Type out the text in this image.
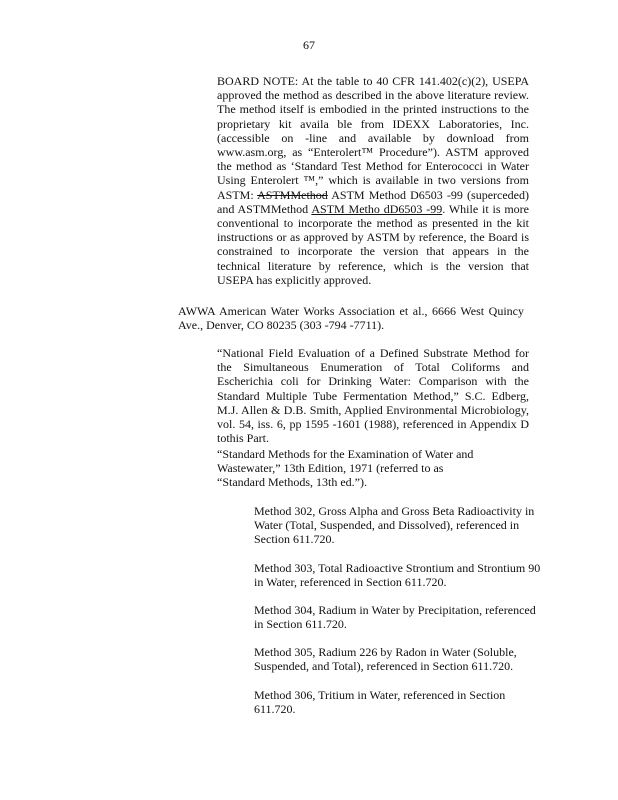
67
BOARD NOTE: At the table to 40 CFR 141.402(c)(2), USEPA approved the method as described in the above literature review. The method itself is embodied in the printed instructions to the proprietary kit availa ble from IDEXX Laboratories, Inc. (accessible on -line and available by download from www.asm.org, as “Enterolert™ Procedure”). ASTM approved the method as ‘Standard Test Method for Enterococci in Water Using Enterolert ™,” which is available in two versions from ASTM: ASTMMethod ASTM Method D6503 -99 (superceded) and ASTMMethod ASTM Metho dD6503 -99. While it is more conventional to incorporate the method as presented in the kit instructions or as approved by ASTM by reference, the Board is constrained to incorporate the version that appears in the technical literature by reference, which is the version that USEPA has explicitly approved.
AWWA American Water Works Association et al., 6666 West Quincy Ave., Denver, CO 80235 (303 -794 -7711).
“National Field Evaluation of a Defined Substrate Method for the Simultaneous Enumeration of Total Coliforms and Escherichia coli for Drinking Water: Comparison with the Standard Multiple Tube Fermentation Method,” S.C. Edberg, M.J. Allen & D.B. Smith, Applied Environmental Microbiology, vol. 54, iss. 6, pp 1595 -1601 (1988), referenced in Appendix D tothis Part.
“Standard Methods for the Examination of Water and Wastewater,” 13th Edition, 1971 (referred to as “Standard Methods, 13th ed.”).
Method 302, Gross Alpha and Gross Beta Radioactivity in Water (Total, Suspended, and Dissolved), referenced in Section 611.720.
Method 303, Total Radioactive Strontium and Strontium 90 in Water, referenced in Section 611.720.
Method 304, Radium in Water by Precipitation, referenced in Section 611.720.
Method 305, Radium 226 by Radon in Water (Soluble, Suspended, and Total), referenced in Section 611.720.
Method 306, Tritium in Water, referenced in Section 611.720.
